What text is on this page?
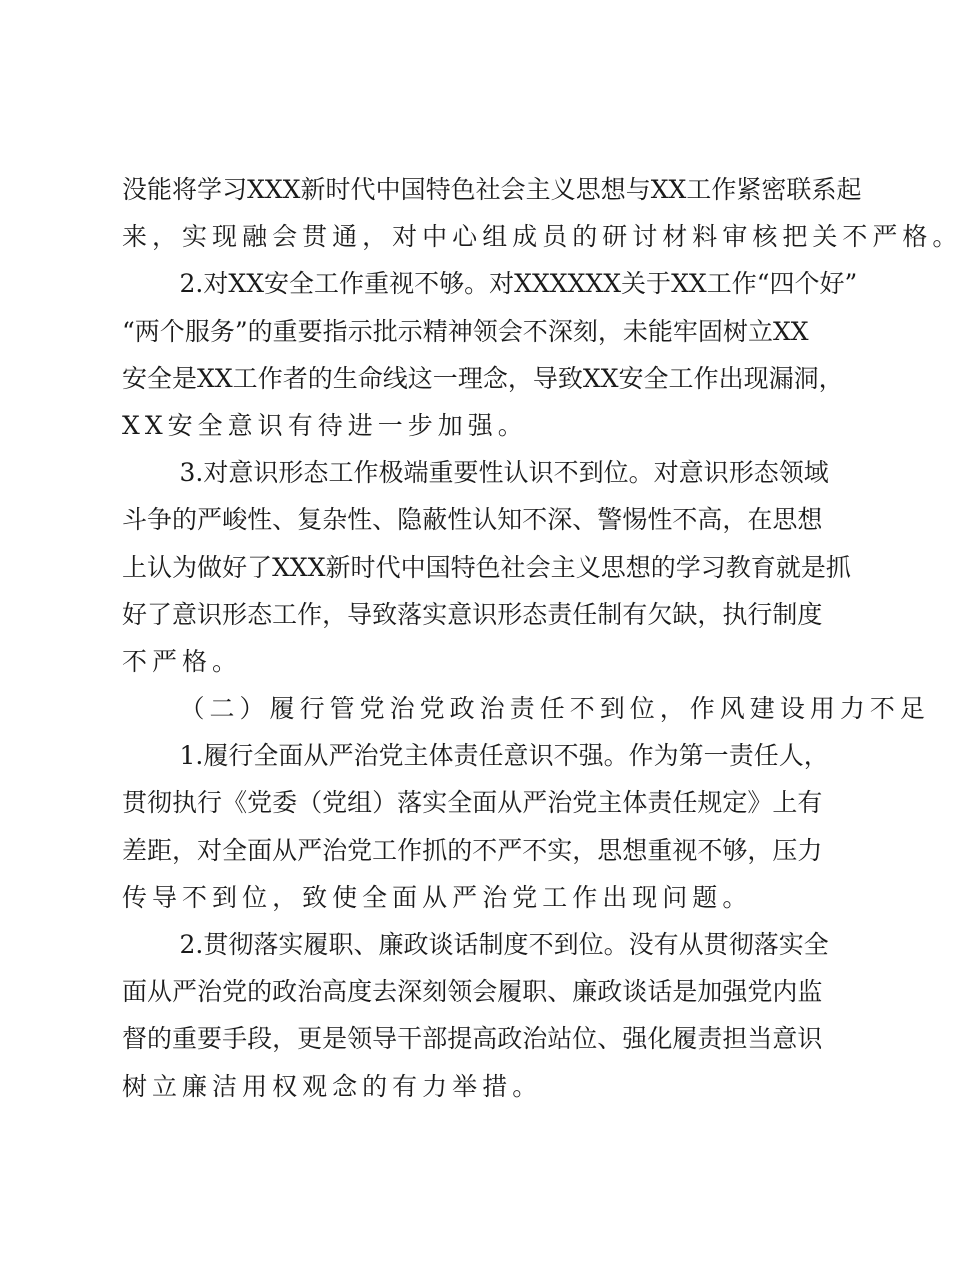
没 能 将 学 习 X X X 新 时 代 中 国 特 色 社 会 主 义 思 想 与 X X 工 作 紧 密 联 系 起
来 ， 实 现 融 会 贯 通 ， 对 中 心 组 成 员 的 研 讨 材 料 审 核 把 关 不 严 格 。
2 . 对 X X 安 全 工 作 重 视 不 够 。 对 X X X X X X 关 于 X X 工 作 “ 四 个 好 ”
“ 两 个 服 务 ” 的 重 要 指 示 批 示 精 神 领 会 不 深 刻 ， 未 能 牢 固 树 立 X X
安 全 是 X X 工 作 者 的 生 命 线 这 一 理 念 ， 导 致 X X 安 全 工 作 出 现 漏 洞 ，
X X 安 全 意 识 有 待 进 一 步 加 强 。
3 . 对 意 识 形 态 工 作 极 端 重 要 性 认 识 不 到 位 。 对 意 识 形 态 领 域
斗 争 的 严 峻 性 、 复 杂 性 、 隐 蔽 性 认 知 不 深 、 警 惕 性 不 高 ， 在 思 想
上 认 为 做 好 了 X X X 新 时 代 中 国 特 色 社 会 主 义 思 想 的 学 习 教 育 就 是 抓
好 了 意 识 形 态 工 作 ， 导 致 落 实 意 识 形 态 责 任 制 有 欠 缺 ， 执 行 制 度
不 严 格 。
（ 二 ） 履 行 管 党 治 党 政 治 责 任 不 到 位 ， 作 风 建 设 用 力 不 足
1 . 履 行 全 面 从 严 治 党 主 体 责 任 意 识 不 强 。 作 为 第 一 责 任 人 ，
贯 彻 执 行 《 党 委 （ 党 组 ） 落 实 全 面 从 严 治 党 主 体 责 任 规 定 》 上 有
差 距 ， 对 全 面 从 严 治 党 工 作 抓 的 不 严 不 实 ， 思 想 重 视 不 够 ， 压 力
传 导 不 到 位 ， 致 使 全 面 从 严 治 党 工 作 出 现 问 题 。
2 . 贯 彻 落 实 履 职 、 廉 政 谈 话 制 度 不 到 位 。 没 有 从 贯 彻 落 实 全
面 从 严 治 党 的 政 治 高 度 去 深 刻 领 会 履 职 、 廉 政 谈 话 是 加 强 党 内 监
督 的 重 要 手 段 ， 更 是 领 导 干 部 提 高 政 治 站 位 、 强 化 履 责 担 当 意 识
树 立 廉 洁 用 权 观 念 的 有 力 举 措 。
